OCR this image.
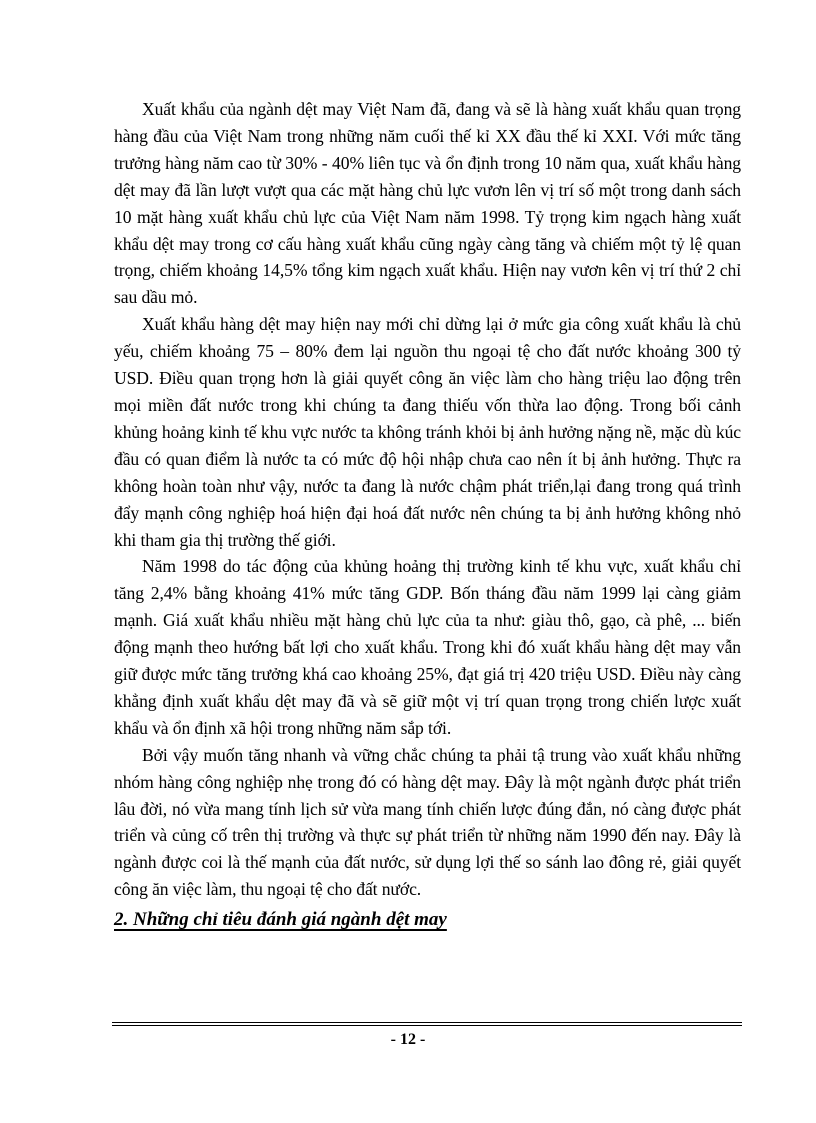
Xuất khẩu của ngành dệt may Việt Nam đã, đang và sẽ là hàng xuất khẩu quan trọng hàng đầu của Việt Nam trong những năm cuối thế kỉ XX đầu thế kỉ XXI. Với mức tăng trưởng hàng năm cao từ 30% - 40% liên tục và ổn định trong 10 năm qua, xuất khẩu hàng dệt may đã lần lượt vượt qua các mặt hàng chủ lực vươn lên vị trí số một trong danh sách 10 mặt hàng xuất khẩu chủ lực của Việt Nam năm 1998. Tỷ trọng kim ngạch hàng xuất khẩu dệt may trong cơ cấu hàng xuất khẩu cũng ngày càng tăng và chiếm một tỷ lệ quan trọng, chiếm khoảng 14,5% tổng kim ngạch xuất khẩu. Hiện nay vươn kên vị trí thứ 2 chỉ sau dầu mỏ.

Xuất khẩu hàng dệt may hiện nay mới chỉ dừng lại ở mức gia công xuất khẩu là chủ yếu, chiếm khoảng 75 – 80% đem lại nguồn thu ngoại tệ cho đất nước khoảng 300 tỷ USD. Điều quan trọng hơn là giải quyết công ăn việc làm cho hàng triệu lao động trên mọi miền đất nước trong khi chúng ta đang thiếu vốn thừa lao động. Trong bối cảnh khủng hoảng kinh tế khu vực nước ta không tránh khỏi bị ảnh hưởng nặng nề, mặc dù kúc đầu có quan điểm là nước ta có mức độ hội nhập chưa cao nên ít bị ảnh hưởng. Thực ra không hoàn toàn như vậy, nước ta đang là nước chậm phát triển,lại đang trong quá trình đẩy mạnh công nghiệp hoá hiện đại hoá đất nước nên chúng ta bị ảnh hưởng không nhỏ khi tham gia thị trường thế giới.

Năm 1998 do tác động của khủng hoảng thị trường kinh tế khu vực, xuất khẩu chỉ tăng 2,4% bằng khoảng 41% mức tăng GDP. Bốn tháng đầu năm 1999 lại càng giảm mạnh. Giá xuất khẩu nhiều mặt hàng chủ lực của ta như: giàu thô, gạo, cà phê, ... biến động mạnh theo hướng bất lợi cho xuất khẩu. Trong khi đó xuất khẩu hàng dệt may vẫn giữ được mức tăng trưởng khá cao khoảng 25%, đạt giá trị 420 triệu USD. Điều này càng khẳng định xuất khẩu dệt may đã và sẽ giữ một vị trí quan trọng trong chiến lược xuất khẩu và ổn định xã hội trong những năm sắp tới.

Bởi vậy muốn tăng nhanh và vững chắc chúng ta phải tậ trung vào xuất khẩu những nhóm hàng công nghiệp nhẹ trong đó có hàng dệt may. Đây là một ngành được phát triển lâu đời, nó vừa mang tính lịch sử vừa mang tính chiến lược đúng đắn, nó càng được phát triển và củng cố trên thị trường và thực sự phát triển từ những năm 1990 đến nay. Đây là ngành được coi là thế mạnh của đất nước, sử dụng lợi thế so sánh lao đông rẻ, giải quyết công ăn việc làm, thu ngoại tệ cho đất nước.

2. Những chỉ tiêu đánh giá ngành dệt may

- 12 -
